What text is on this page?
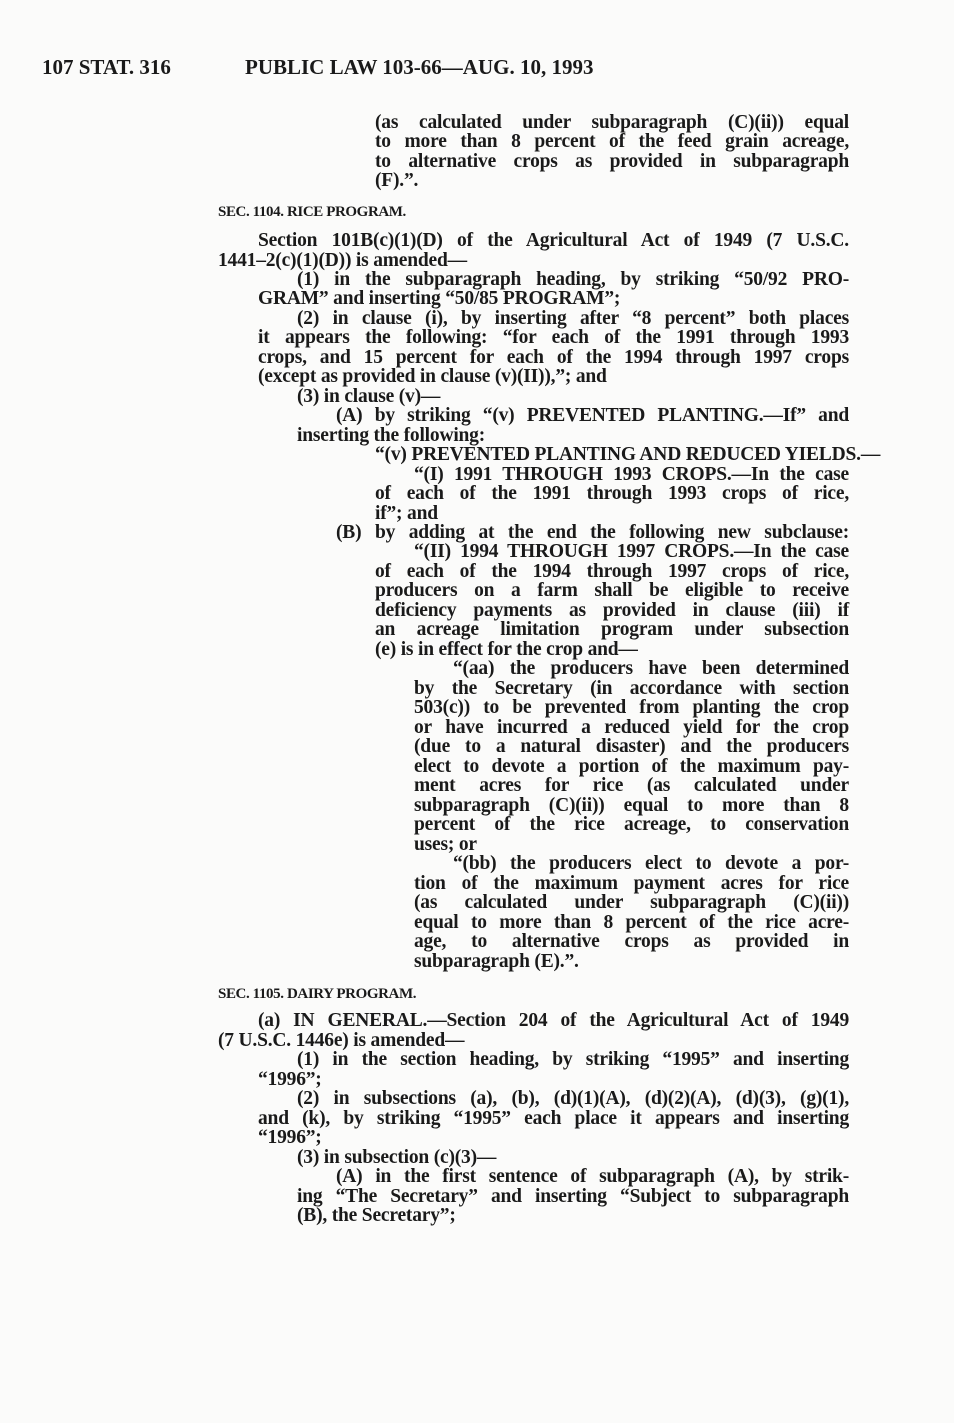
107 STAT. 316	PUBLIC LAW 103-66—AUG. 10, 1993
(as calculated under subparagraph (C)(ii)) equal
to more than 8 percent of the feed grain acreage,
to alternative crops as provided in subparagraph
(F).”.
SEC. 1104. RICE PROGRAM.
Section 101B(c)(1)(D) of the Agricultural Act of 1949 (7 U.S.C.
1441–2(c)(1)(D)) is amended—
(1) in the subparagraph heading, by striking “50/92 PRO-
GRAM” and inserting “50/85 PROGRAM”;
(2) in clause (i), by inserting after “8 percent” both places
it appears the following: “for each of the 1991 through 1993
crops, and 15 percent for each of the 1994 through 1997 crops
(except as provided in clause (v)(II)),”; and
(3) in clause (v)—
(A) by striking “(v) PREVENTED PLANTING.—If” and
inserting the following:
“(v) PREVENTED PLANTING AND REDUCED YIELDS.—
“(I) 1991 THROUGH 1993 CROPS.—In the case
of each of the 1991 through 1993 crops of rice,
if”; and
(B) by adding at the end the following new subclause:
“(II) 1994 THROUGH 1997 CROPS.—In the case
of each of the 1994 through 1997 crops of rice,
producers on a farm shall be eligible to receive
deficiency payments as provided in clause (iii) if
an acreage limitation program under subsection
(e) is in effect for the crop and—
“(aa) the producers have been determined
by the Secretary (in accordance with section
503(c)) to be prevented from planting the crop
or have incurred a reduced yield for the crop
(due to a natural disaster) and the producers
elect to devote a portion of the maximum pay-
ment acres for rice (as calculated under
subparagraph (C)(ii)) equal to more than 8
percent of the rice acreage, to conservation
uses; or
“(bb) the producers elect to devote a por-
tion of the maximum payment acres for rice
(as calculated under subparagraph (C)(ii))
equal to more than 8 percent of the rice acre-
age, to alternative crops as provided in
subparagraph (E).”.
SEC. 1105. DAIRY PROGRAM.
(a) IN GENERAL.—Section 204 of the Agricultural Act of 1949
(7 U.S.C. 1446e) is amended—
(1) in the section heading, by striking “1995” and inserting
“1996”;
(2) in subsections (a), (b), (d)(1)(A), (d)(2)(A), (d)(3), (g)(1),
and (k), by striking “1995” each place it appears and inserting
“1996”;
(3) in subsection (c)(3)—
(A) in the first sentence of subparagraph (A), by strik-
ing “The Secretary” and inserting “Subject to subparagraph
(B), the Secretary”;
